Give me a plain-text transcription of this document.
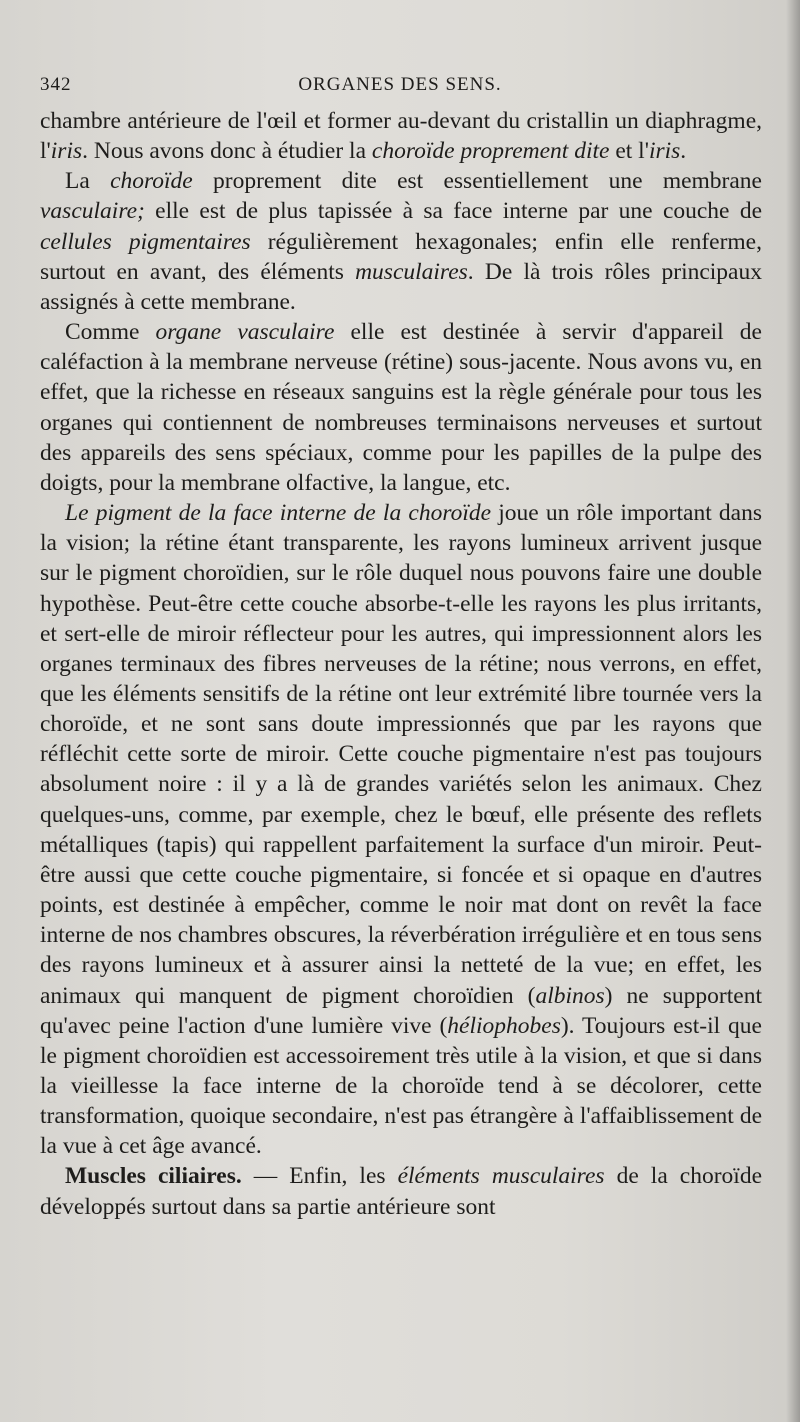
342	ORGANES DES SENS.

chambre antérieure de l'œil et former au-devant du cristallin un diaphragme, l'iris. Nous avons donc à étudier la choroïde proprement dite et l'iris.

La choroïde proprement dite est essentiellement une membrane vasculaire; elle est de plus tapissée à sa face interne par une couche de cellules pigmentaires régulièrement hexagonales; enfin elle renferme, surtout en avant, des éléments musculaires. De là trois rôles principaux assignés à cette membrane.

Comme organe vasculaire elle est destinée à servir d'appareil de caléfaction à la membrane nerveuse (rétine) sous-jacente. Nous avons vu, en effet, que la richesse en réseaux sanguins est la règle générale pour tous les organes qui contiennent de nombreuses terminaisons nerveuses et surtout des appareils des sens spéciaux, comme pour les papilles de la pulpe des doigts, pour la membrane olfactive, la langue, etc.

Le pigment de la face interne de la choroïde joue un rôle important dans la vision; la rétine étant transparente, les rayons lumineux arrivent jusque sur le pigment choroïdien, sur le rôle duquel nous pouvons faire une double hypothèse. Peut-être cette couche absorbe-t-elle les rayons les plus irritants, et sert-elle de miroir réflecteur pour les autres, qui impressionnent alors les organes terminaux des fibres nerveuses de la rétine; nous verrons, en effet, que les éléments sensitifs de la rétine ont leur extrémité libre tournée vers la choroïde, et ne sont sans doute impressionnés que par les rayons que réfléchit cette sorte de miroir. Cette couche pigmentaire n'est pas toujours absolument noire : il y a là de grandes variétés selon les animaux. Chez quelques-uns, comme, par exemple, chez le bœuf, elle présente des reflets métalliques (tapis) qui rappellent parfaitement la surface d'un miroir. Peut-être aussi que cette couche pigmentaire, si foncée et si opaque en d'autres points, est destinée à empêcher, comme le noir mat dont on revêt la face interne de nos chambres obscures, la réverbération irrégulière et en tous sens des rayons lumineux et à assurer ainsi la netteté de la vue; en effet, les animaux qui manquent de pigment choroïdien (albinos) ne supportent qu'avec peine l'action d'une lumière vive (héliophobes). Toujours est-il que le pigment choroïdien est accessoirement très utile à la vision, et que si dans la vieillesse la face interne de la choroïde tend à se décolorer, cette transformation, quoique secondaire, n'est pas étrangère à l'affaiblissement de la vue à cet âge avancé.

Muscles ciliaires. — Enfin, les éléments musculaires de la choroïde développés surtout dans sa partie antérieure sont
